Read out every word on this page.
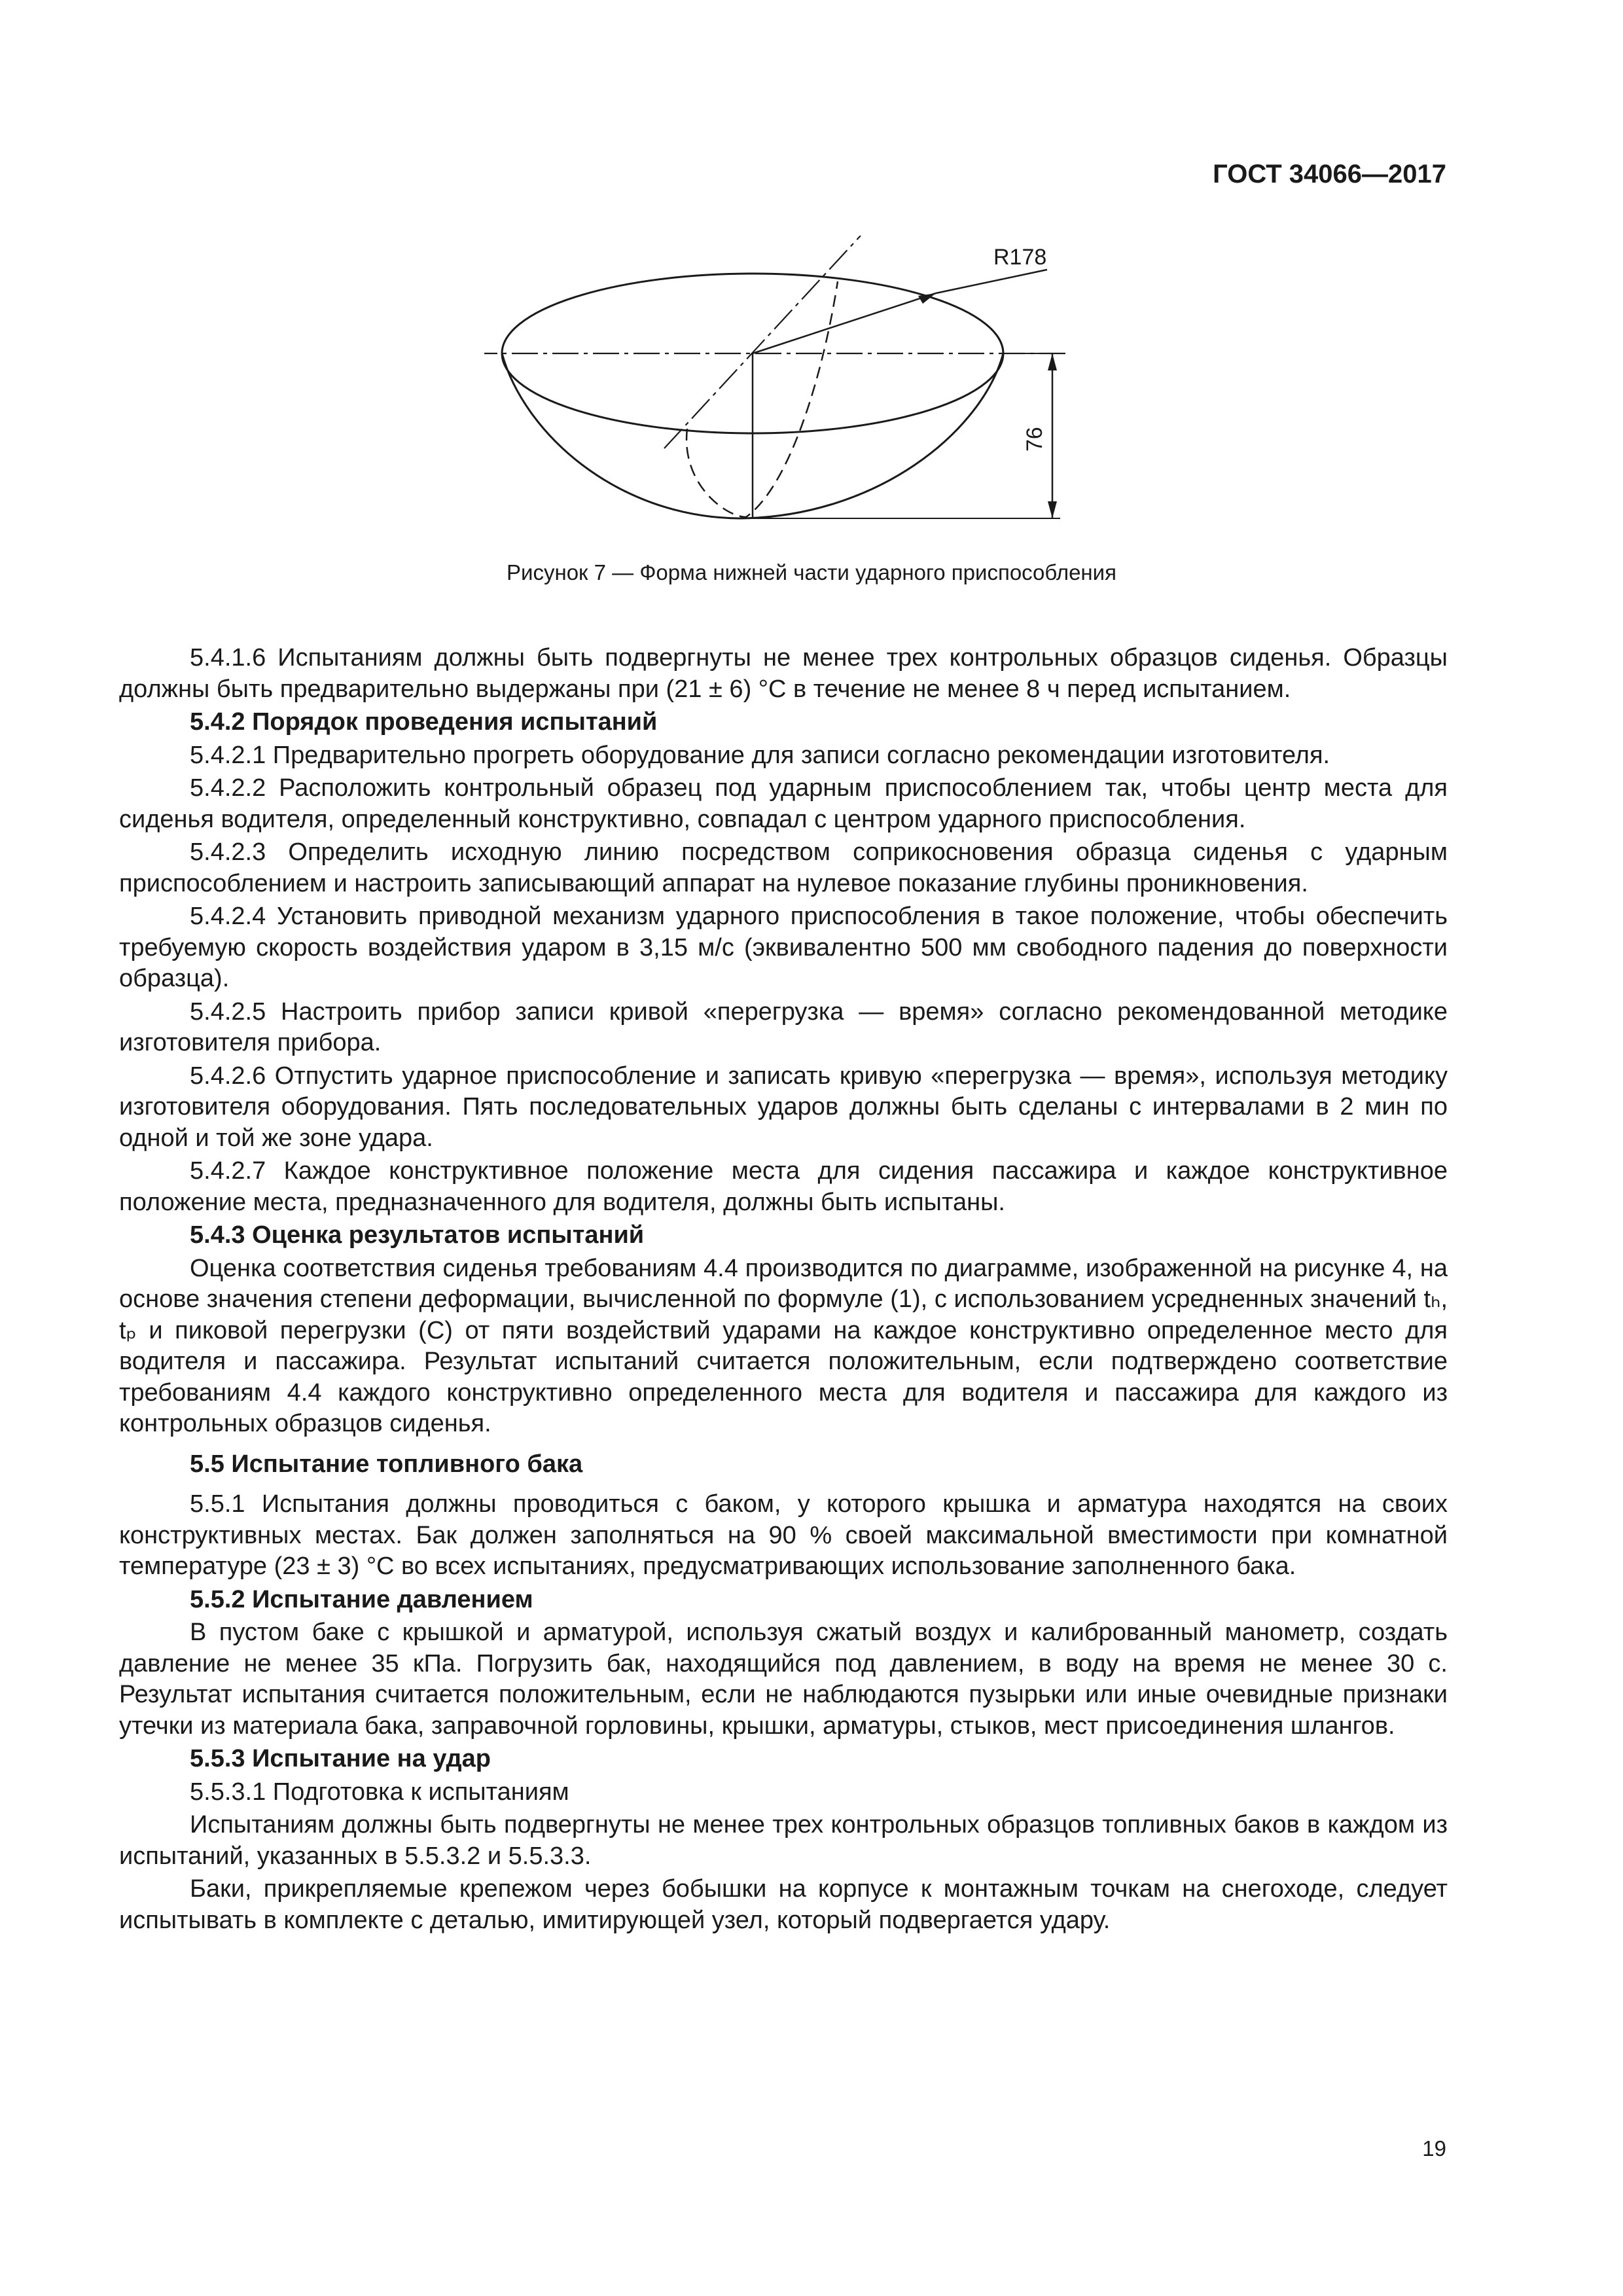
ГОСТ 34066—2017
R178
76
Рисунок 7 — Форма нижней части ударного приспособления

5.4.1.6 Испытаниям должны быть подвергнуты не менее трех контрольных образцов сиденья. Образцы должны быть предварительно выдержаны при (21 ± 6) °С в течение не менее 8 ч перед испытанием.

5.4.2 Порядок проведения испытаний

5.4.2.1 Предварительно прогреть оборудование для записи согласно рекомендации изготовителя.

5.4.2.2 Расположить контрольный образец под ударным приспособлением так, чтобы центр места для сиденья водителя, определенный конструктивно, совпадал с центром ударного приспособления.

5.4.2.3 Определить исходную линию посредством соприкосновения образца сиденья с ударным приспособлением и настроить записывающий аппарат на нулевое показание глубины проникновения.

5.4.2.4 Установить приводной механизм ударного приспособления в такое положение, чтобы обеспечить требуемую скорость воздействия ударом в 3,15 м/с (эквивалентно 500 мм свободного падения до поверхности образца).

5.4.2.5 Настроить прибор записи кривой «перегрузка — время» согласно рекомендованной методике изготовителя прибора.

5.4.2.6 Отпустить ударное приспособление и записать кривую «перегрузка — время», используя методику изготовителя оборудования. Пять последовательных ударов должны быть сделаны с интервалами в 2 мин по одной и той же зоне удара.

5.4.2.7 Каждое конструктивное положение места для сидения пассажира и каждое конструктивное положение места, предназначенного для водителя, должны быть испытаны.

5.4.3 Оценка результатов испытаний

Оценка соответствия сиденья требованиям 4.4 производится по диаграмме, изображенной на рисунке 4, на основе значения степени деформации, вычисленной по формуле (1), с использованием усредненных значений tₕ, tₚ и пиковой перегрузки (С) от пяти воздействий ударами на каждое конструктивно определенное место для водителя и пассажира. Результат испытаний считается положительным, если подтверждено соответствие требованиям 4.4 каждого конструктивно определенного места для водителя и пассажира для каждого из контрольных образцов сиденья.

5.5 Испытание топливного бака

5.5.1 Испытания должны проводиться с баком, у которого крышка и арматура находятся на своих конструктивных местах. Бак должен заполняться на 90 % своей максимальной вместимости при комнатной температуре (23 ± 3) °С во всех испытаниях, предусматривающих использование заполненного бака.

5.5.2 Испытание давлением

В пустом баке с крышкой и арматурой, используя сжатый воздух и калиброванный манометр, создать давление не менее 35 кПа. Погрузить бак, находящийся под давлением, в воду на время не менее 30 с. Результат испытания считается положительным, если не наблюдаются пузырьки или иные очевидные признаки утечки из материала бака, заправочной горловины, крышки, арматуры, стыков, мест присоединения шлангов.

5.5.3 Испытание на удар

5.5.3.1 Подготовка к испытаниям

Испытаниям должны быть подвергнуты не менее трех контрольных образцов топливных баков в каждом из испытаний, указанных в 5.5.3.2 и 5.5.3.3.

Баки, прикрепляемые крепежом через бобышки на корпусе к монтажным точкам на снегоходе, следует испытывать в комплекте с деталью, имитирующей узел, который подвергается удару.

19
